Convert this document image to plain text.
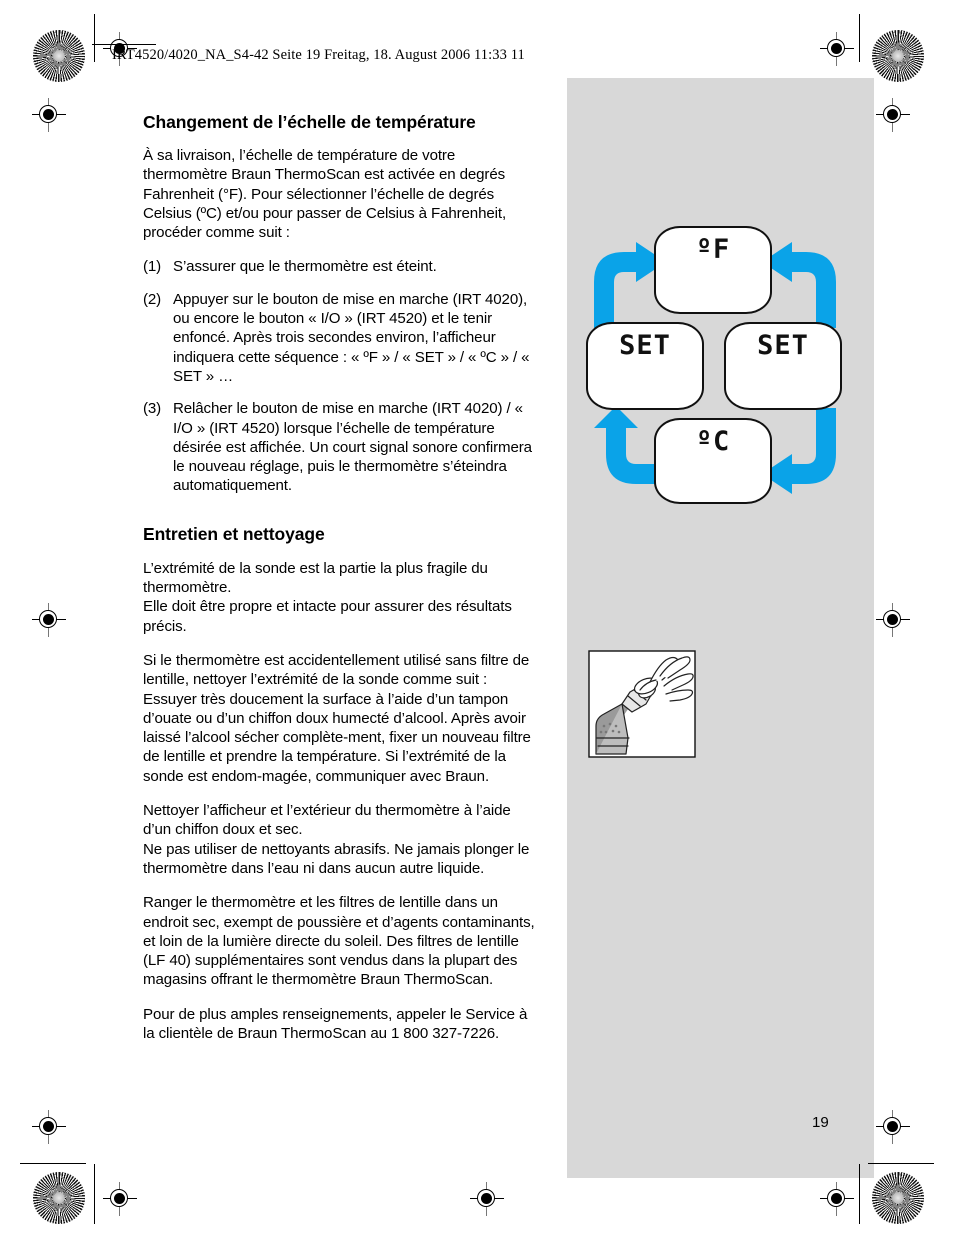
IRT4520/4020_NA_S4-42 Seite 19 Freitag, 18. August 2006 11:33 11
Changement de l’échelle de température

À sa livraison, l’échelle de température de votre thermomètre Braun ThermoScan est activée en degrés Fahrenheit (°F). Pour sélectionner l’échelle de degrés Celsius (ºC) et/ou pour passer de Celsius à Fahrenheit, procéder comme suit :

(1) S’assurer que le thermomètre est éteint.
(2) Appuyer sur le bouton de mise en marche (IRT 4020), ou encore le bouton « I/O » (IRT 4520) et le tenir enfoncé. Après trois secondes environ, l’afficheur indiquera cette séquence : « ºF » / « SET » / « ºC » / « SET » …
(3) Relâcher le bouton de mise en marche (IRT 4020) / « I/O » (IRT 4520) lorsque l’échelle de température désirée est affichée. Un court signal sonore confirmera le nouveau réglage, puis le thermomètre s’éteindra automatiquement.
Entretien et nettoyage

L’extrémité de la sonde est la partie la plus fragile du thermomètre.
Elle doit être propre et intacte pour assurer des résultats précis.

Si le thermomètre est accidentellement utilisé sans filtre de lentille, nettoyer l’extrémité de la sonde comme suit :
Essuyer très doucement la surface à l’aide d’un tampon d’ouate ou d’un chiffon doux humecté d’alcool. Après avoir laissé l’alcool sécher complète-ment, fixer un nouveau filtre de lentille et prendre la température. Si l’extrémité de la sonde est endom-magée, communiquer avec Braun.

Nettoyer l’afficheur et l’extérieur du thermomètre à l’aide d’un chiffon doux et sec.
Ne pas utiliser de nettoyants abrasifs. Ne jamais plonger le thermomètre dans l’eau ni dans aucun autre liquide.

Ranger le thermomètre et les filtres de lentille dans un endroit sec, exempt de poussière et d’agents contaminants, et loin de la lumière directe du soleil. Des filtres de lentille (LF 40) supplémentaires sont vendus dans la plupart des magasins offrant le thermomètre Braun ThermoScan.

Pour de plus amples renseignements, appeler le Service à la clientèle de Braun ThermoScan au 1 800 327-7226.

ºF
SET
ºC
SET
19
